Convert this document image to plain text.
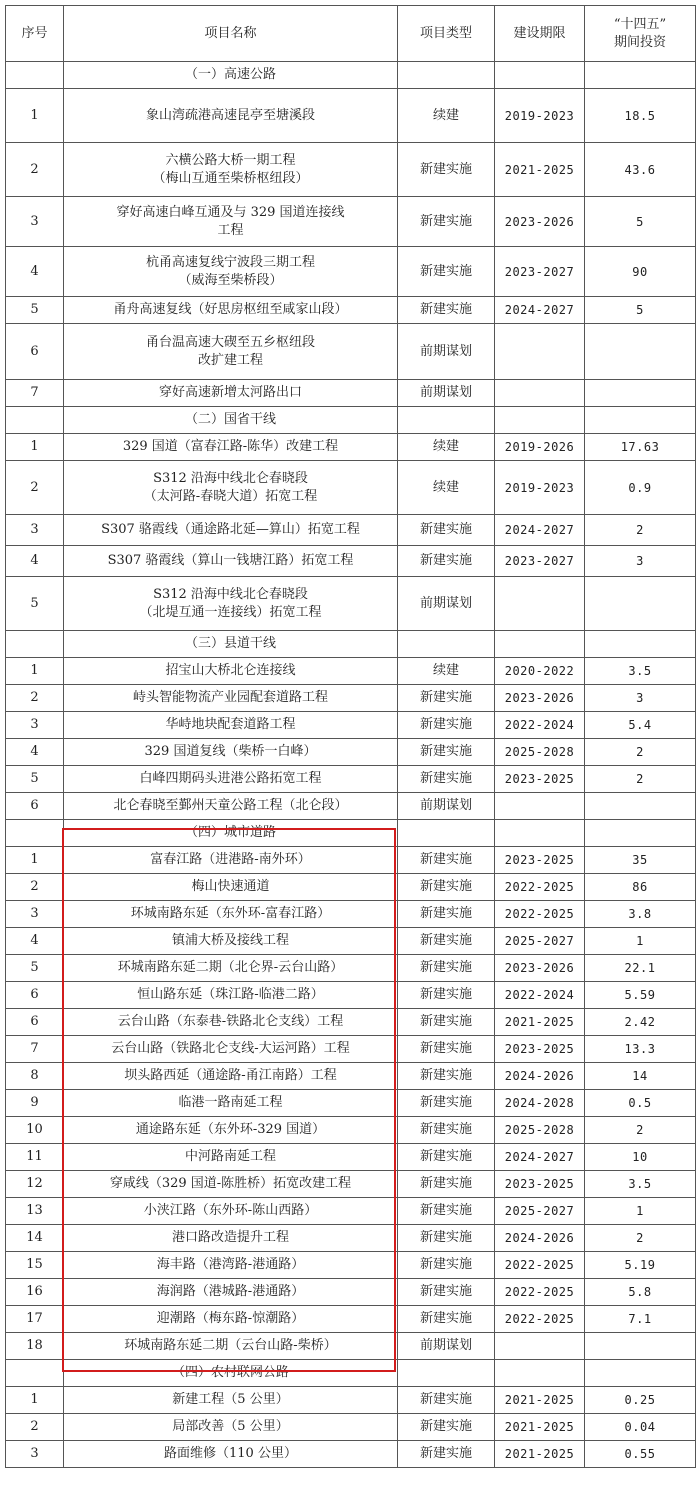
序号	项目名称	项目类型	建设期限	“十四五”
期间投资
	（一）高速公路			
1	象山湾疏港高速昆亭至塘溪段	续建	2019-2023	18.5
2	六横公路大桥一期工程
（梅山互通至柴桥枢纽段）	新建实施	2021-2025	43.6
3	穿好高速白峰互通及与 329 国道连接线
工程	新建实施	2023-2026	5
4	杭甬高速复线宁波段三期工程
（威海至柴桥段）	新建实施	2023-2027	90
5	甬舟高速复线（好思房枢纽至咸家山段）	新建实施	2024-2027	5
6	甬台温高速大碶至五乡枢纽段
改扩建工程	前期谋划		
7	穿好高速新增太河路出口	前期谋划		
	（二）国省干线			
1	329 国道（富春江路-陈华）改建工程	续建	2019-2026	17.63
2	S312 沿海中线北仑春晓段
（太河路-春晓大道）拓宽工程	续建	2019-2023	0.9
3	S307 骆霞线（通途路北延—算山）拓宽工程	新建实施	2024-2027	2
4	S307 骆霞线（算山一钱塘江路）拓宽工程	新建实施	2023-2027	3
5	S312 沿海中线北仑春晓段
（北堤互通一连接线）拓宽工程	前期谋划		
	（三）县道干线			
1	招宝山大桥北仑连接线	续建	2020-2022	3.5
2	峙头智能物流产业园配套道路工程	新建实施	2023-2026	3
3	华峙地块配套道路工程	新建实施	2022-2024	5.4
4	329 国道复线（柴桥一白峰）	新建实施	2025-2028	2
5	白峰四期码头进港公路拓宽工程	新建实施	2023-2025	2
6	北仑春晓至鄞州天童公路工程（北仑段）	前期谋划		
	（四）城市道路			
1	富春江路（进港路-南外环）	新建实施	2023-2025	35
2	梅山快速通道	新建实施	2022-2025	86
3	环城南路东延（东外环-富春江路）	新建实施	2022-2025	3.8
4	镇浦大桥及接线工程	新建实施	2025-2027	1
5	环城南路东延二期（北仑界-云台山路）	新建实施	2023-2026	22.1
6	恒山路东延（珠江路-临港二路）	新建实施	2022-2024	5.59
6	云台山路（东泰巷-铁路北仑支线）工程	新建实施	2021-2025	2.42
7	云台山路（铁路北仑支线-大运河路）工程	新建实施	2023-2025	13.3
8	坝头路西延（通途路-甬江南路）工程	新建实施	2024-2026	14
9	临港一路南延工程	新建实施	2024-2028	0.5
10	通途路东延（东外环-329 国道）	新建实施	2025-2028	2
11	中河路南延工程	新建实施	2024-2027	10
12	穿咸线（329 国道-陈胜桥）拓宽改建工程	新建实施	2023-2025	3.5
13	小浃江路（东外环-陈山西路）	新建实施	2025-2027	1
14	港口路改造提升工程	新建实施	2024-2026	2
15	海丰路（港湾路-港通路）	新建实施	2022-2025	5.19
16	海润路（港城路-港通路）	新建实施	2022-2025	5.8
17	迎潮路（梅东路-惊潮路）	新建实施	2022-2025	7.1
18	环城南路东延二期（云台山路-柴桥）	前期谋划		
	（四）农村联网公路			
1	新建工程（5 公里）	新建实施	2021-2025	0.25
2	局部改善（5 公里）	新建实施	2021-2025	0.04
3	路面维修（110 公里）	新建实施	2021-2025	0.55
